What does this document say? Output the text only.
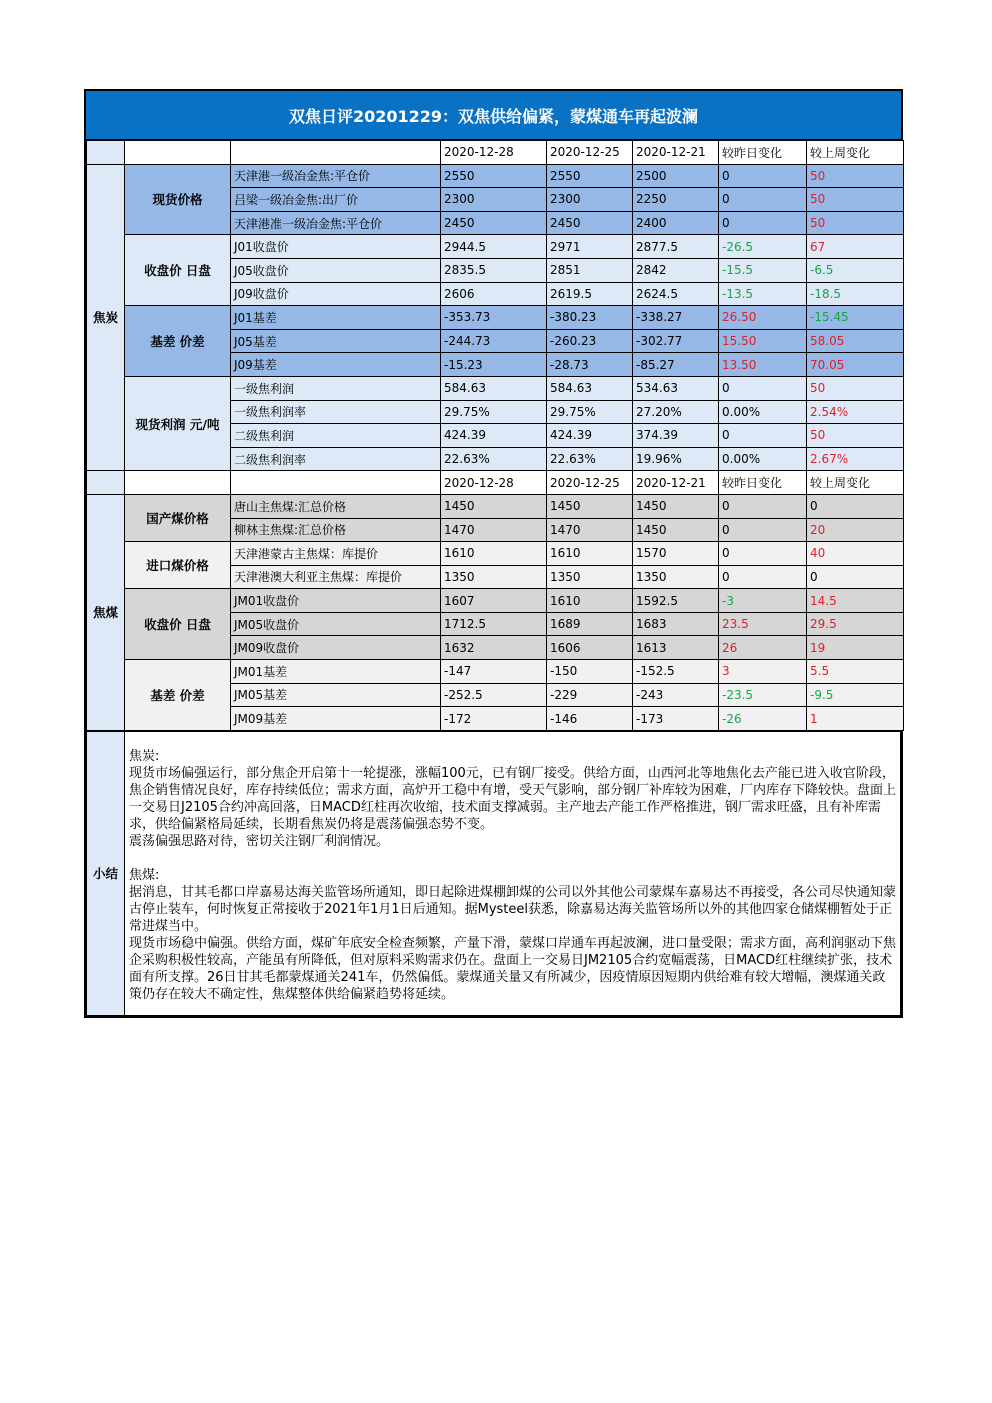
双焦日评20201229：双焦供给偏紧，蒙煤通车再起波澜
			2020-12-28	2020-12-25	2020-12-21	较昨日变化	较上周变化
焦炭	现货价格	天津港一级冶金焦:平仓价	2550	2550	2500	0	50
		吕梁一级冶金焦:出厂价	2300	2300	2250	0	50
		天津港准一级冶金焦:平仓价	2450	2450	2400	0	50
	收盘价 日盘	J01收盘价	2944.5	2971	2877.5	-26.5	67
		J05收盘价	2835.5	2851	2842	-15.5	-6.5
		J09收盘价	2606	2619.5	2624.5	-13.5	-18.5
	基差 价差	J01基差	-353.73	-380.23	-338.27	26.50	-15.45
		J05基差	-244.73	-260.23	-302.77	15.50	58.05
		J09基差	-15.23	-28.73	-85.27	13.50	70.05
	现货利润 元/吨	一级焦利润	584.63	584.63	534.63	0	50
		一级焦利润率	29.75%	29.75%	27.20%	0.00%	2.54%
		二级焦利润	424.39	424.39	374.39	0	50
		二级焦利润率	22.63%	22.63%	19.96%	0.00%	2.67%
			2020-12-28	2020-12-25	2020-12-21	较昨日变化	较上周变化
焦煤	国产煤价格	唐山主焦煤:汇总价格	1450	1450	1450	0	0
		柳林主焦煤:汇总价格	1470	1470	1450	0	20
	进口煤价格	天津港蒙古主焦煤：库提价	1610	1610	1570	0	40
		天津港澳大利亚主焦煤：库提价	1350	1350	1350	0	0
	收盘价 日盘	JM01收盘价	1607	1610	1592.5	-3	14.5
		JM05收盘价	1712.5	1689	1683	23.5	29.5
		JM09收盘价	1632	1606	1613	26	19
	基差 价差	JM01基差	-147	-150	-152.5	3	5.5
		JM05基差	-252.5	-229	-243	-23.5	-9.5
		JM09基差	-172	-146	-173	-26	1
小结	

焦炭:

现货市场偏强运行，部分焦企开启第十一轮提涨，涨幅100元，已有钢厂接受。供给方面，山西河北等地焦化去产能已进入收官阶段，焦企销售情况良好，库存持续低位；需求方面，高炉开工稳中有增，受天气影响，部分钢厂补库较为困难，厂内库存下降较快。盘面上一交易日J2105合约冲高回落，日MACD红柱再次收缩，技术面支撑减弱。主产地去产能工作严格推进，钢厂需求旺盛，且有补库需求，供给偏紧格局延续，长期看焦炭仍将是震荡偏强态势不变。

震荡偏强思路对待，密切关注钢厂利润情况。

焦煤:

据消息，甘其毛都口岸嘉易达海关监管场所通知，即日起除进煤棚卸煤的公司以外其他公司蒙煤车嘉易达不再接受，各公司尽快通知蒙古停止装车，何时恢复正常接收于2021年1月1日后通知。据Mysteel获悉，除嘉易达海关监管场所以外的其他四家仓储煤棚暂处于正常进煤当中。

现货市场稳中偏强。供给方面，煤矿年底安全检查频繁，产量下滑，蒙煤口岸通车再起波澜，进口量受限；需求方面，高利润驱动下焦企采购积极性较高，产能虽有所降低，但对原料采购需求仍在。盘面上一交易日JM2105合约宽幅震荡，日MACD红柱继续扩张，技术面有所支撑。26日甘其毛都蒙煤通关241车，仍然偏低。蒙煤通关量又有所减少，因疫情原因短期内供给难有较大增幅，澳煤通关政策仍存在较大不确定性，焦煤整体供给偏紧趋势将延续。
